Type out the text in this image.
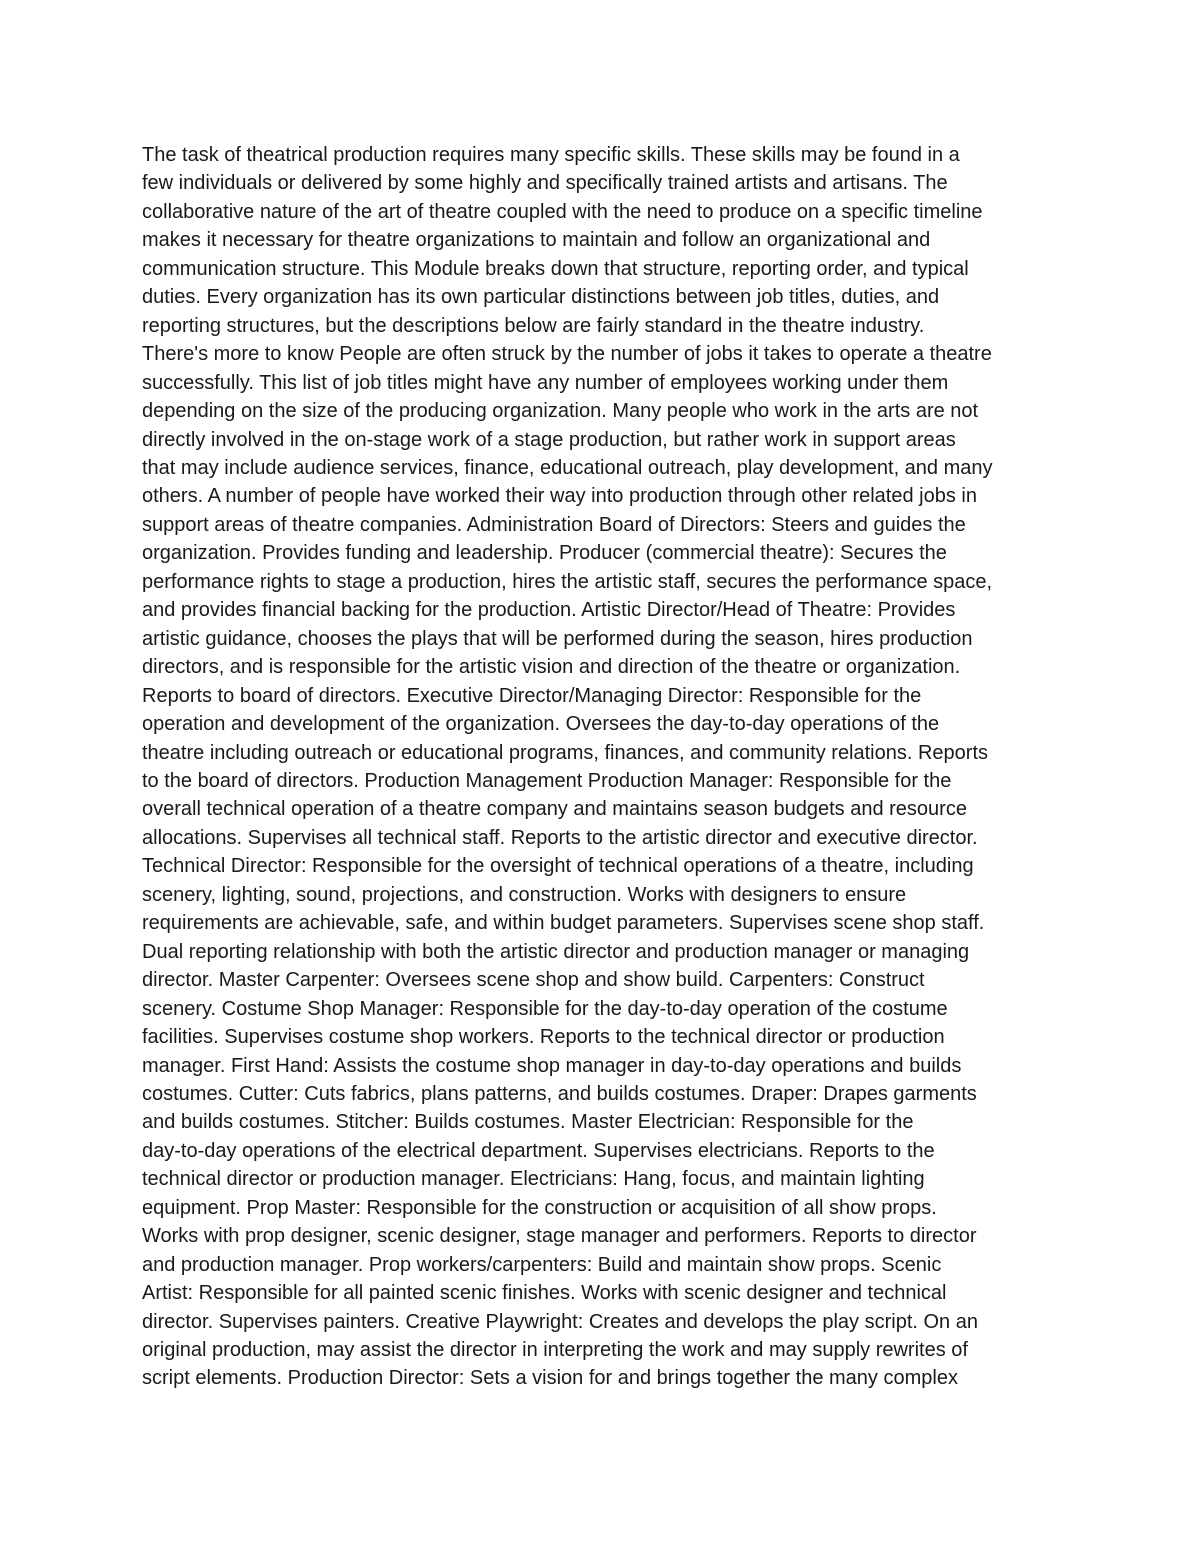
The task of theatrical production requires many specific skills. These skills may be found in a
few individuals or delivered by some highly and specifically trained artists and artisans. The
collaborative nature of the art of theatre coupled with the need to produce on a specific timeline
makes it necessary for theatre organizations to maintain and follow an organizational and
communication structure. This Module breaks down that structure, reporting order, and typical
duties. Every organization has its own particular distinctions between job titles, duties, and
reporting structures, but the descriptions below are fairly standard in the theatre industry.
There's more to know People are often struck by the number of jobs it takes to operate a theatre
successfully. This list of job titles might have any number of employees working under them
depending on the size of the producing organization. Many people who work in the arts are not
directly involved in the on-stage work of a stage production, but rather work in support areas
that may include audience services, finance, educational outreach, play development, and many
others. A number of people have worked their way into production through other related jobs in
support areas of theatre companies. Administration Board of Directors: Steers and guides the
organization. Provides funding and leadership. Producer (commercial theatre): Secures the
performance rights to stage a production, hires the artistic staff, secures the performance space,
and provides financial backing for the production. Artistic Director/Head of Theatre: Provides
artistic guidance, chooses the plays that will be performed during the season, hires production
directors, and is responsible for the artistic vision and direction of the theatre or organization.
Reports to board of directors. Executive Director/Managing Director: Responsible for the
operation and development of the organization. Oversees the day-to-day operations of the
theatre including outreach or educational programs, finances, and community relations. Reports
to the board of directors. Production Management Production Manager: Responsible for the
overall technical operation of a theatre company and maintains season budgets and resource
allocations. Supervises all technical staff. Reports to the artistic director and executive director.
Technical Director: Responsible for the oversight of technical operations of a theatre, including
scenery, lighting, sound, projections, and construction. Works with designers to ensure
requirements are achievable, safe, and within budget parameters. Supervises scene shop staff.
Dual reporting relationship with both the artistic director and production manager or managing
director. Master Carpenter: Oversees scene shop and show build. Carpenters: Construct
scenery. Costume Shop Manager: Responsible for the day-to-day operation of the costume
facilities. Supervises costume shop workers. Reports to the technical director or production
manager. First Hand: Assists the costume shop manager in day-to-day operations and builds
costumes. Cutter: Cuts fabrics, plans patterns, and builds costumes. Draper: Drapes garments
and builds costumes. Stitcher: Builds costumes. Master Electrician: Responsible for the
day-to-day operations of the electrical department. Supervises electricians. Reports to the
technical director or production manager. Electricians: Hang, focus, and maintain lighting
equipment. Prop Master: Responsible for the construction or acquisition of all show props.
Works with prop designer, scenic designer, stage manager and performers. Reports to director
and production manager. Prop workers/carpenters: Build and maintain show props. Scenic
Artist: Responsible for all painted scenic finishes. Works with scenic designer and technical
director. Supervises painters. Creative Playwright: Creates and develops the play script. On an
original production, may assist the director in interpreting the work and may supply rewrites of
script elements. Production Director: Sets a vision for and brings together the many complex
